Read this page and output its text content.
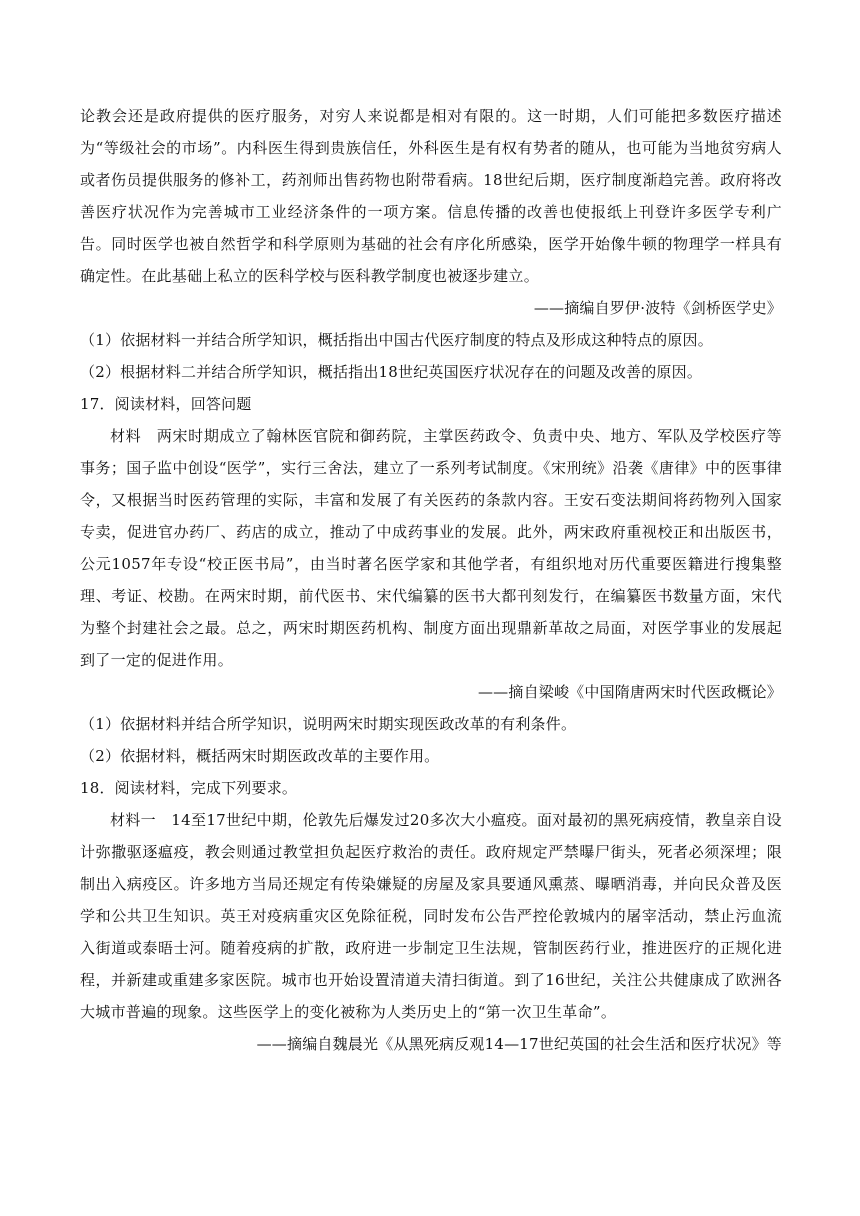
论教会还是政府提供的医疗服务，对穷人来说都是相对有限的。这一时期，人们可能把多数医疗描述为“等级社会的市场”。内科医生得到贵族信任，外科医生是有权有势者的随从，也可能为当地贫穷病人或者伤员提供服务的修补工，药剂师出售药物也附带看病。18世纪后期，医疗制度渐趋完善。政府将改善医疗状况作为完善城市工业经济条件的一项方案。信息传播的改善也使报纸上刊登许多医学专利广告。同时医学也被自然哲学和科学原则为基础的社会有序化所感染，医学开始像牛顿的物理学一样具有确定性。在此基础上私立的医科学校与医科教学制度也被逐步建立。

——摘编自罗伊·波特《剑桥医学史》

（1）依据材料一并结合所学知识，概括指出中国古代医疗制度的特点及形成这种特点的原因。

（2）根据材料二并结合所学知识，概括指出18世纪英国医疗状况存在的问题及改善的原因。

17．阅读材料，回答问题

材料　两宋时期成立了翰林医官院和御药院，主掌医药政令、负责中央、地方、军队及学校医疗等事务；国子监中创设“医学”，实行三舍法，建立了一系列考试制度。《宋刑统》沿袭《唐律》中的医事律令，又根据当时医药管理的实际，丰富和发展了有关医药的条款内容。王安石变法期间将药物列入国家专卖，促进官办药厂、药店的成立，推动了中成药事业的发展。此外，两宋政府重视校正和出版医书，公元1057年专设“校正医书局”，由当时著名医学家和其他学者，有组织地对历代重要医籍进行搜集整理、考证、校勘。在两宋时期，前代医书、宋代编纂的医书大都刊刻发行，在编纂医书数量方面，宋代为整个封建社会之最。总之，两宋时期医药机构、制度方面出现鼎新革故之局面，对医学事业的发展起到了一定的促进作用。

——摘自梁峻《中国隋唐两宋时代医政概论》

（1）依据材料并结合所学知识，说明两宋时期实现医政改革的有利条件。

（2）依据材料，概括两宋时期医政改革的主要作用。

18．阅读材料，完成下列要求。

材料一　14至17世纪中期，伦敦先后爆发过20多次大小瘟疫。面对最初的黑死病疫情，教皇亲自设计弥撒驱逐瘟疫，教会则通过教堂担负起医疗救治的责任。政府规定严禁曝尸街头，死者必须深埋；限制出入病疫区。许多地方当局还规定有传染嫌疑的房屋及家具要通风熏蒸、曝晒消毒，并向民众普及医学和公共卫生知识。英王对疫病重灾区免除征税，同时发布公告严控伦敦城内的屠宰活动，禁止污血流入街道或泰晤士河。随着疫病的扩散，政府进一步制定卫生法规，管制医药行业，推进医疗的正规化进程，并新建或重建多家医院。城市也开始设置清道夫清扫街道。到了16世纪，关注公共健康成了欧洲各大城市普遍的现象。这些医学上的变化被称为人类历史上的“第一次卫生革命”。

——摘编自魏晨光《从黑死病反观14—17世纪英国的社会生活和医疗状况》等
